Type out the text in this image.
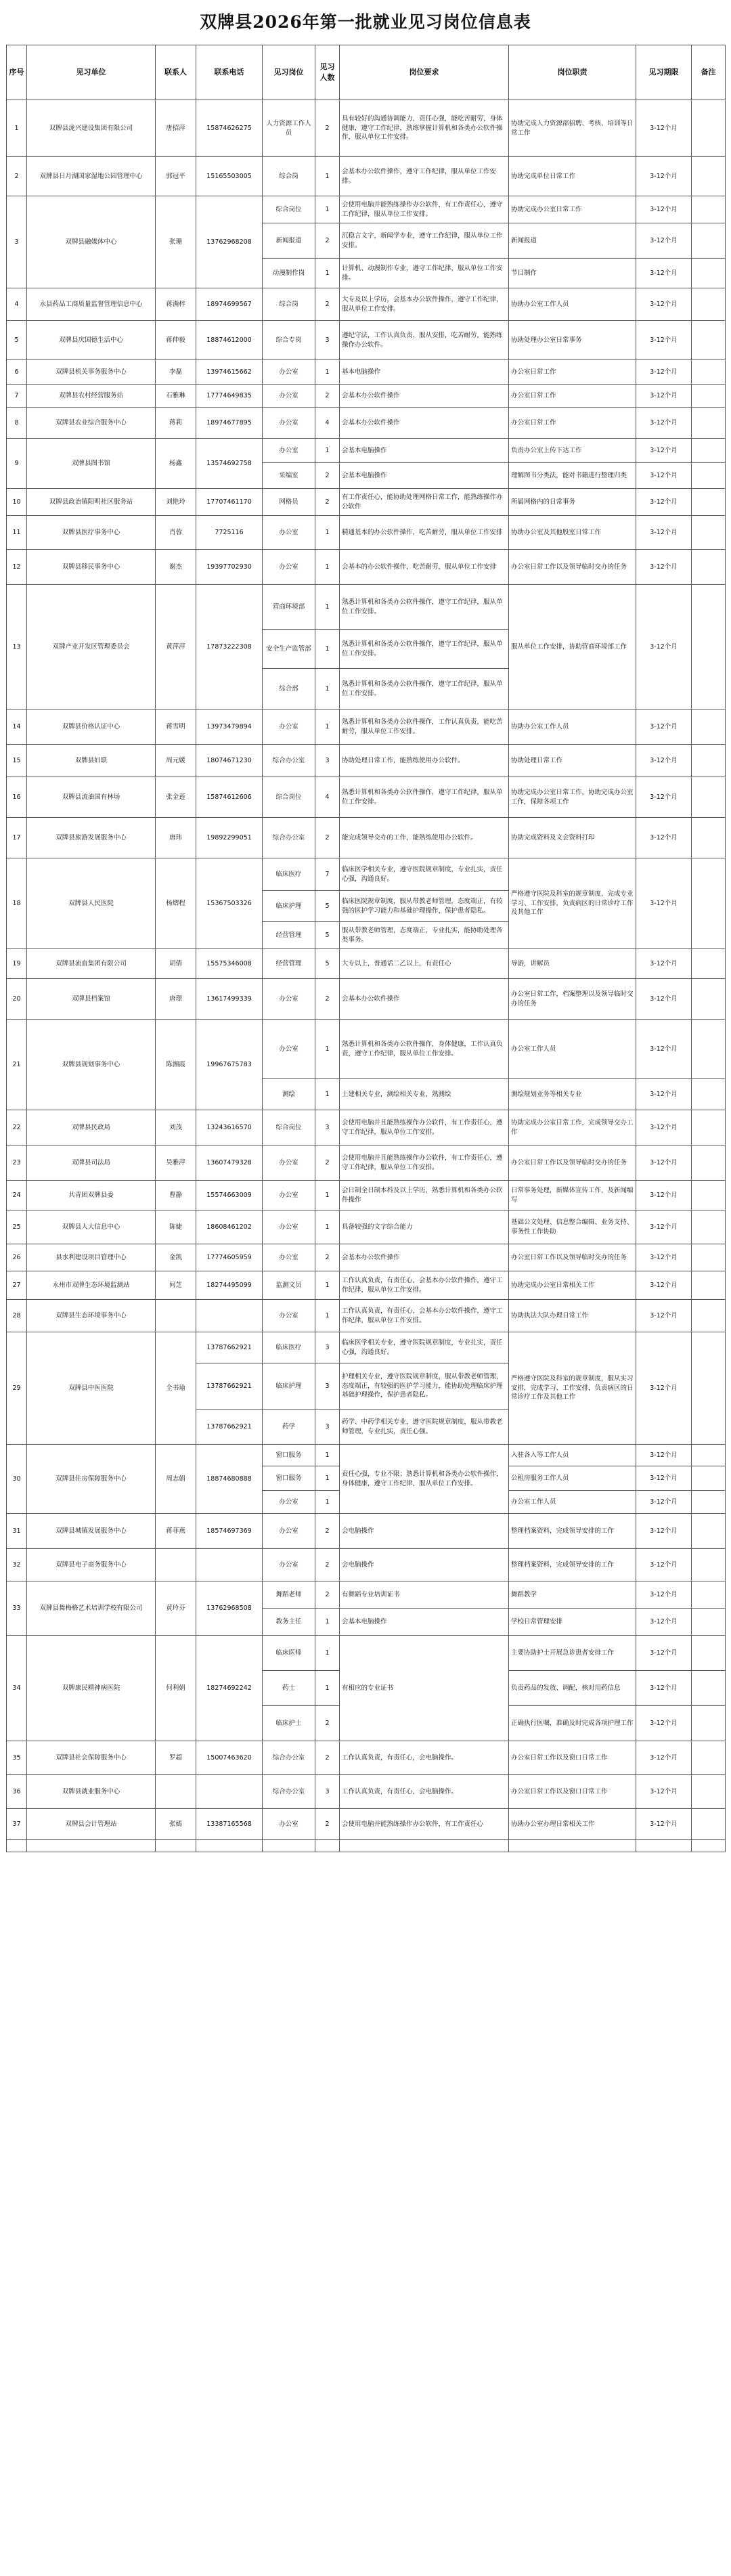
双牌县2026年第一批就业见习岗位信息表
序号	见习单位	联系人	联系电话	见习岗位	见习人数	岗位要求	岗位职责	见习期限	备注
1	双牌县泷兴建设集团有限公司	唐招萍	15874626275	人力资源工作人员	2	具有较好的沟通协调能力，责任心强，能吃苦耐劳，身体健康，遵守工作纪律，熟练掌握计算机和各类办公软件操作，服从单位工作安排。	协助完成人力资源部招聘、考核、培训等日常工作	3-12个月	
2	双牌县日月湖国家湿地公园管理中心	郭冠平	15165503005	综合岗	1	会基本办公软件操作，遵守工作纪律，服从单位工作安排。	协助完成单位日常工作	3-12个月	
3	双牌县融媒体中心	张珊	13762968208	综合岗位	1	会使用电脑并能熟练操作办公软件，有工作责任心，遵守工作纪律，服从单位工作安排。	协助完成办公室日常工作	3-12个月	
				新闻报道	2	沉稳言文字，新闻学专业，遵守工作纪律，服从单位工作安排。	新闻报道	3-12个月	
				动漫制作岗	1	计算机、动漫制作专业，遵守工作纪律，服从单位工作安排。	节目制作	3-12个月	
4	永县药品工商质量监督管理信息中心	蒋满梓	18974699567	综合岗	2	大专及以上学历，会基本办公软件操作，遵守工作纪律，服从单位工作安排。	协助办公室工作人员	3-12个月	
5	双牌县庆国德生活中心	蒋仲毅	18874612000	综合专岗	3	遵纪守法，工作认真负责，服从安排，吃苦耐劳，能熟练操作办公软件。	协助处理办公室日常事务	3-12个月	
6	双牌县机关事务服务中心	李磊	13974615662	办公室	1	基本电脑操作	办公室日常工作	3-12个月	
7	双牌县农村经营服务站	石雅琳	17774649835	办公室	2	会基本办公软件操作	办公室日常工作	3-12个月	
8	双牌县农业综合服务中心	蒋莉	18974677895	办公室	4	会基本办公软件操作	办公室日常工作	3-12个月	
9	双牌县图书馆	杨鑫	13574692758	办公室	1	会基本电脑操作	负责办公室上传下达工作	3-12个月	
				采编室	2	会基本电脑操作	理解图书分类法，能对书籍进行整理归类	3-12个月	
10	双牌县政治镇阳明社区服务站	刘艳玲	17707461170	网格员	2	有工作责任心，能协助处理网格日常工作，能熟练操作办公软件	所属网格内的日常事务	3-12个月	
11	双牌县医疗事务中心	肖蓉	7725116	办公室	1	精通基本的办公软件操作，吃苦耐劳，服从单位工作安排	协助办公室及其他股室日常工作	3-12个月	
12	双牌县移民事务中心	谢杰	19397702930	办公室	1	会基本的办公软件操作，吃苦耐劳，服从单位工作安排	办公室日常工作以及领导临时交办的任务	3-12个月	
13	双牌产业开发区管理委员会	黄萍萍	17873222308	营商环境部	1	熟悉计算机和各类办公软件操作，遵守工作纪律，服从单位工作安排。	服从单位工作安排，协助营商环境部工作	3-12个月	
				安全生产监管部	1	熟悉计算机和各类办公软件操作，遵守工作纪律，服从单位工作安排。			
				综合部	1	熟悉计算机和各类办公软件操作，遵守工作纪律，服从单位工作安排。			
14	双牌县价格认证中心	蒋雪明	13973479894	办公室	1	熟悉计算机和各类办公软件操作，工作认真负责，能吃苦耐劳，服从单位工作安排。	协助办公室工作人员	3-12个月	
15	双牌县妇联	周元媛	18074671230	综合办公室	3	协助处理日常工作，能熟练使用办公软件。	协助处理日常工作	3-12个月	
16	双牌县流油国有林场	张金莲	15874612606	综合岗位	4	熟悉计算机和各类办公软件操作，遵守工作纪律，服从单位工作安排。	协助完成办公室日常工作，协助完成办公室工作，保障各项工作	3-12个月	
17	双牌县旅游发展服务中心	唐玮	19892299051	综合办公室	2	能完成领导交办的工作，能熟练使用办公软件。	协助完成资料及文会资料打印	3-12个月	
18	双牌县人民医院	杨熠程	15367503326	临床医疗	7	临床医学相关专业，遵守医院规章制度，专业扎实，责任心强，沟通良好。	严格遵守医院及科室的规章制度，完成专业学习、工作安排，负责病区的日常诊疗工作及其他工作	3-12个月	
				临床护理	5	临床医院规章制度，服从带教老师管理，态度端正，有较强的医护学习能力和基础护理操作，保护患者隐私。			
				经营管理	5	服从带教老师管理，态度端正，专业扎实，能协助处理各类事务。			
19	双牌县流血集团有限公司	胡倩	15575346008	经营管理	5	大专以上，普通话二乙以上，有责任心	导游，讲解员	3-12个月	
20	双牌县档案馆	唐璟	13617499339	办公室	2	会基本办公软件操作	办公室日常工作，档案整理以及领导临时交办的任务	3-12个月	
21	双牌县规划事务中心	陈湘霞	19967675783	办公室	1	熟悉计算机和各类办公软件操作，身体健康，工作认真负责，遵守工作纪律，服从单位工作安排。	办公室工作人员	3-12个月	
				测绘	1	土建相关专业，测绘相关专业，熟测绘	测绘规划业务等相关专业	3-12个月	
22	双牌县民政局	刘茂	13243616570	综合岗位	3	会使用电脑并且能熟练操作办公软件，有工作责任心，遵守工作纪律，服从单位工作安排。	协助完成办公室日常工作，完成领导交办工作	3-12个月	
23	双牌县司法局	吴雅萍	13607479328	办公室	2	会使用电脑并且能熟练操作办公软件，有工作责任心，遵守工作纪律，服从单位工作安排。	办公室日常工作以及领导临时交办的任务	3-12个月	
24	共青团双牌县委	曹静	15574663009	办公室	1	会日制全日制本科及以上学历，熟悉计算机和各类办公软件操作	日常事务处理，新媒体宣传工作，及新闻编写	3-12个月	
25	双牌县人大信息中心	陈婕	18608461202	办公室	1	具备较强的文字综合能力	基础公文处理、信息整合编辑、业务支持、事务性工作协助	3-12个月	
26	县水利建设项目管理中心	金凯	17774605959	办公室	2	会基本办公软件操作	办公室日常工作以及领导临时交办的任务	3-12个月	
27	永州市双牌生态环境监测站	何芝	18274495099	监测文员	1	工作认真负责，有责任心，会基本办公软件操作，遵守工作纪律，服从单位工作安排。	协助完成办公室日常相关工作	3-12个月	
28	双牌县生态环境事务中心			办公室	1	工作认真负责，有责任心，会基本办公软件操作，遵守工作纪律，服从单位工作安排。	协助执法大队办理日常工作	3-12个月	
29	双牌县中医医院	全书瑜	13787662921	临床医疗	3	临床医学相关专业，遵守医院规章制度，专业扎实，责任心强，沟通良好。	严格遵守医院及科室的规章制度，服从实习安排，完成学习、工作安排，负责病区的日常诊疗工作及其他工作	3-12个月	
			13787662921	临床护理	3	护理相关专业，遵守医院规章制度，服从带教老师管理，态度端正，有较强的医护学习能力，能协助处理临床护理基础护理操作，保护患者隐私。			
			13787662921	药学	3	药学、中药学相关专业，遵守医院规章制度，服从带教老师管理，专业扎实，责任心强。			
30	双牌县住房保障服务中心	周志娟	18874680888	窗口服务	1	责任心强，专业不限；熟悉计算机和各类办公软件操作，身体健康，遵守工作纪律，服从单位工作安排。	入驻各入等工作人员	3-12个月	
				窗口服务	1		公租房服务工作人员	3-12个月	
				办公室	1		办公室工作人员	3-12个月	
31	双牌县城镇发展服务中心	蒋菲燕	18574697369	办公室	2	会电脑操作	整理档案资料，完成领导安排的工作	3-12个月	
32	双牌县电子商务服务中心			办公室	2	会电脑操作	整理档案资料，完成领导安排的工作	3-12个月	
33	双牌县舞梅格艺术培训学校有限公司	黄玲芬	13762968508	舞蹈老师	2	有舞蹈专业培训证书	舞蹈教学	3-12个月	
				教务主任	1	会基本电脑操作	学校日常管理安排	3-12个月	
34	双牌康民精神病医院	何利娟	18274692242	临床医师	1	有相应的专业证书	主要协助护士开展急诊患者安排工作	3-12个月	
				药士	1		负责药品的发放、调配，核对用药信息	3-12个月	
				临床护士	2		正确执行医嘱，准确及时完成各项护理工作	3-12个月	
35	双牌县社会保障服务中心	罗超	15007463620	综合办公室	2	工作认真负责，有责任心，会电脑操作。	办公室日常工作以及窗口日常工作	3-12个月	
36	双牌县就业服务中心			综合办公室	3	工作认真负责，有责任心，会电脑操作。	办公室日常工作以及窗口日常工作	3-12个月	
37	双牌县会计管理站	张嫣	13387165568	办公室	2	会使用电脑并能熟练操作办公软件，有工作责任心	协助办公室办理日常相关工作	3-12个月	
